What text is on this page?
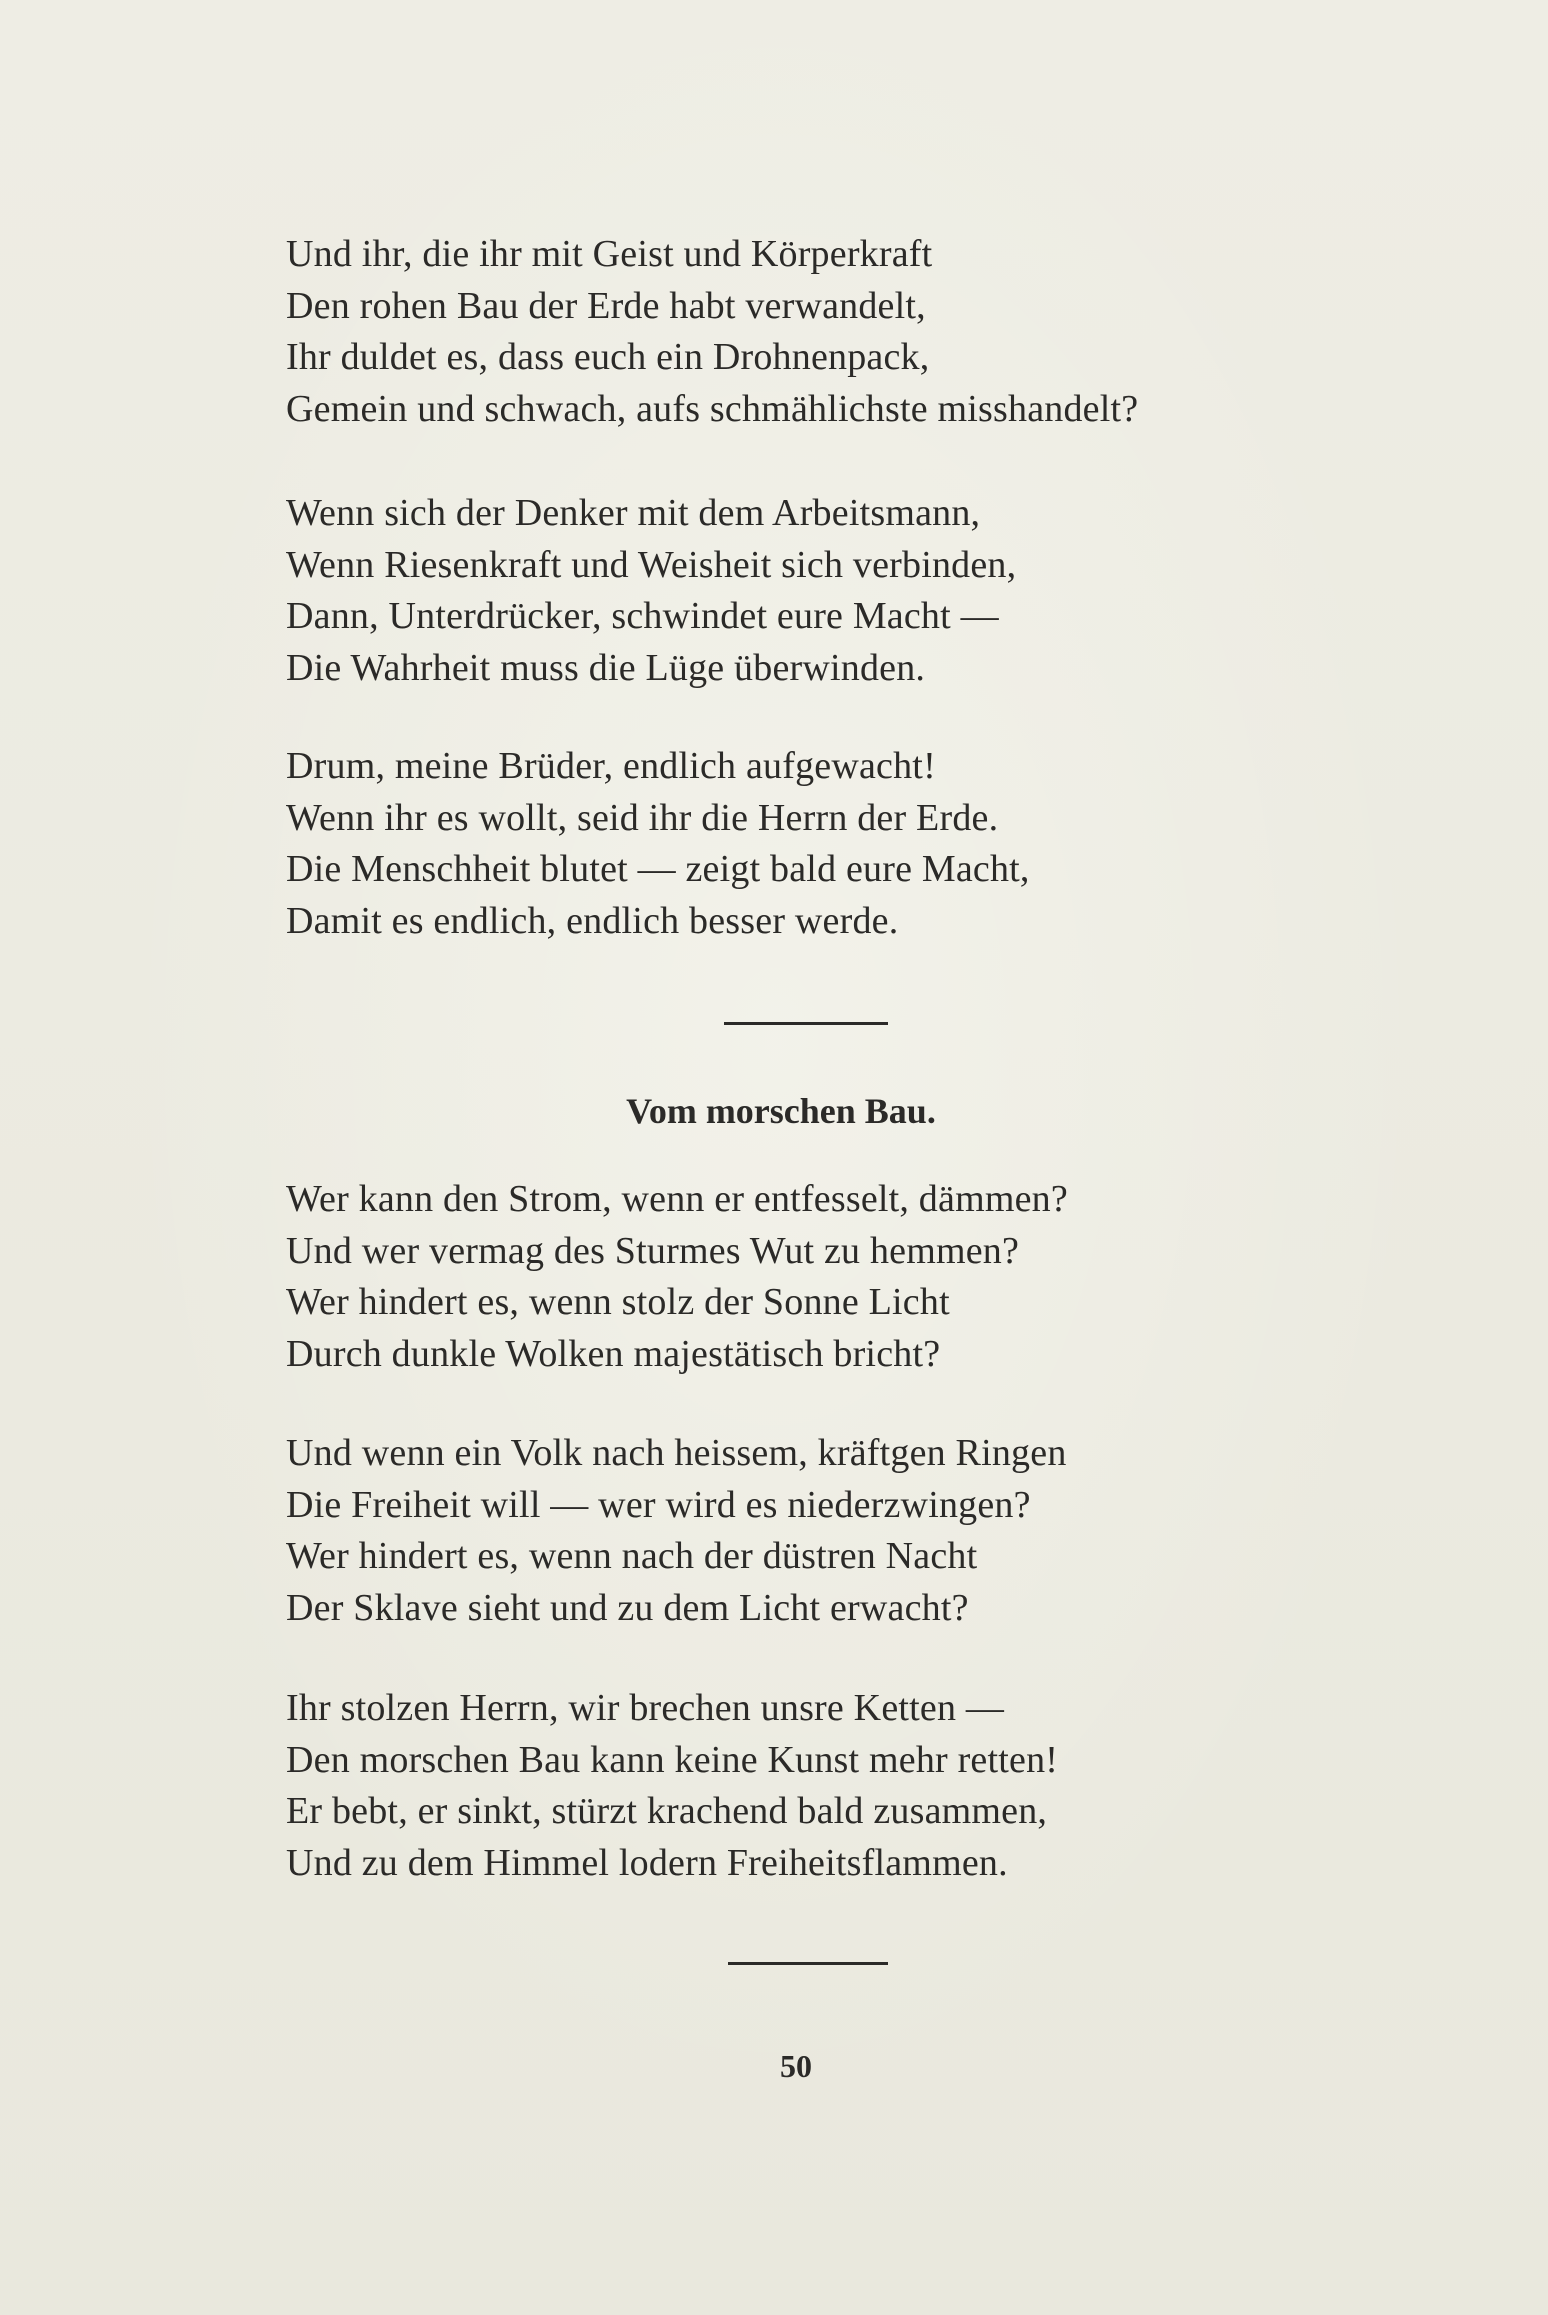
Und ihr, die ihr mit Geist und Körperkraft
Den rohen Bau der Erde habt verwandelt,
Ihr duldet es, dass euch ein Drohnenpack,
Gemein und schwach, aufs schmählichste misshandelt?

Wenn sich der Denker mit dem Arbeitsmann,
Wenn Riesenkraft und Weisheit sich verbinden,
Dann, Unterdrücker, schwindet eure Macht —
Die Wahrheit muss die Lüge überwinden.

Drum, meine Brüder, endlich aufgewacht!
Wenn ihr es wollt, seid ihr die Herrn der Erde.
Die Menschheit blutet — zeigt bald eure Macht,
Damit es endlich, endlich besser werde.

Vom morschen Bau.

Wer kann den Strom, wenn er entfesselt, dämmen?
Und wer vermag des Sturmes Wut zu hemmen?
Wer hindert es, wenn stolz der Sonne Licht
Durch dunkle Wolken majestätisch bricht?

Und wenn ein Volk nach heissem, kräftgen Ringen
Die Freiheit will — wer wird es niederzwingen?
Wer hindert es, wenn nach der düstren Nacht
Der Sklave sieht und zu dem Licht erwacht?

Ihr stolzen Herrn, wir brechen unsre Ketten —
Den morschen Bau kann keine Kunst mehr retten!
Er bebt, er sinkt, stürzt krachend bald zusammen,
Und zu dem Himmel lodern Freiheitsflammen.

50
